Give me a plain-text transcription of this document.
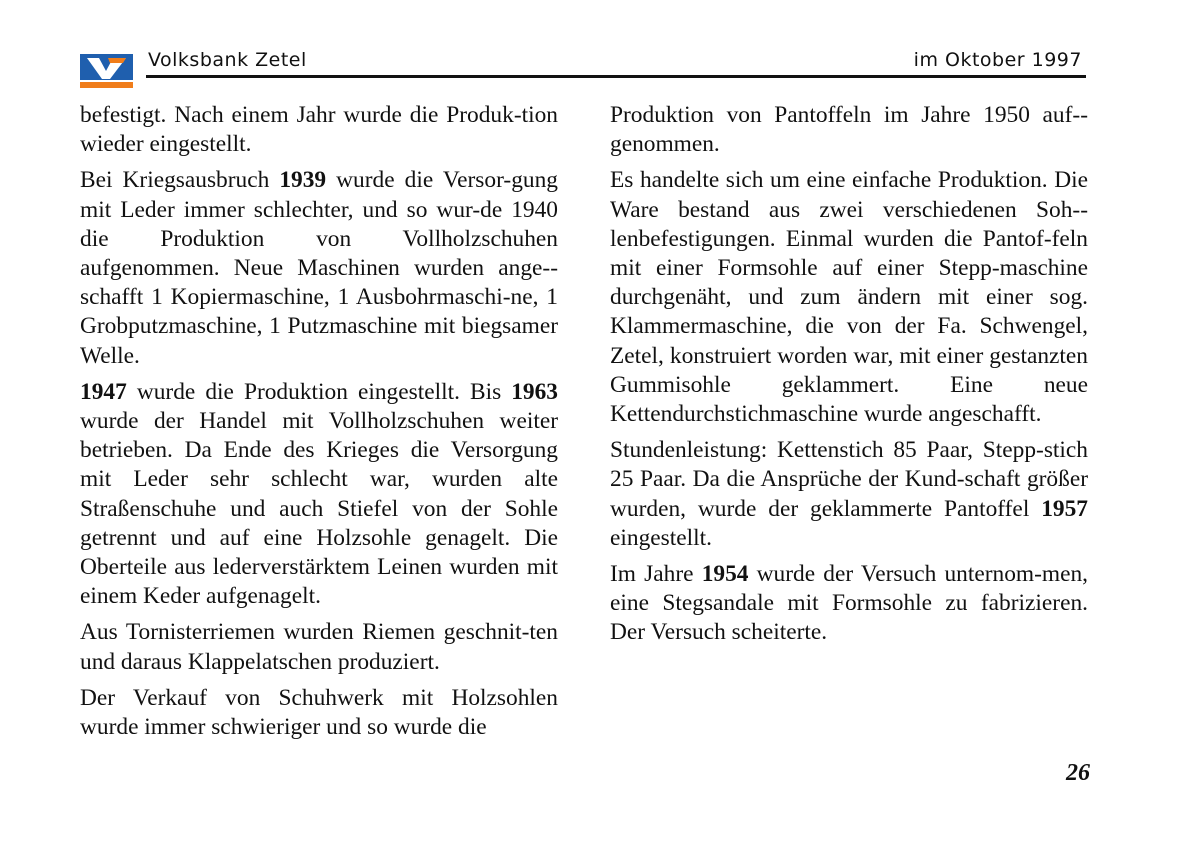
Volksbank Zetel	im Oktober 1997

befestigt. Nach einem Jahr wurde die Produk-tion wieder eingestellt.

Bei Kriegsausbruch 1939 wurde die Versor-gung mit Leder immer schlechter, und so wur-de 1940 die Produktion von Vollholzschuhen aufgenommen. Neue Maschinen wurden ange-schafft 1 Kopiermaschine, 1 Ausbohrmaschi-ne, 1 Grobputzmaschine, 1 Putzmaschine mit biegsamer Welle.

1947 wurde die Produktion eingestellt. Bis 1963 wurde der Handel mit Vollholzschuhen weiter betrieben. Da Ende des Krieges die Versorgung mit Leder sehr schlecht war, wurden alte Straßenschuhe und auch Stiefel von der Sohle getrennt und auf eine Holzsohle genagelt. Die Oberteile aus lederverstärktem Leinen wurden mit einem Keder aufgenagelt.

Aus Tornisterriemen wurden Riemen geschnit-ten und daraus Klappelatschen produziert.

Der Verkauf von Schuhwerk mit Holzsohlen wurde immer schwieriger und so wurde die

Produktion von Pantoffeln im Jahre 1950 auf-genommen.

Es handelte sich um eine einfache Produktion. Die Ware bestand aus zwei verschiedenen Soh-lenbefestigungen. Einmal wurden die Pantof-feln mit einer Formsohle auf einer Stepp-maschine durchgenäht, und zum ändern mit einer sog. Klammermaschine, die von der Fa. Schwengel, Zetel, konstruiert worden war, mit einer gestanzten Gummisohle geklammert. Eine neue Kettendurchstichmaschine wurde angeschafft.

Stundenleistung: Kettenstich 85 Paar, Stepp-stich 25 Paar. Da die Ansprüche der Kund-schaft größer wurden, wurde der geklammerte Pantoffel 1957 eingestellt.

Im Jahre 1954 wurde der Versuch unternom-men, eine Stegsandale mit Formsohle zu fabrizieren. Der Versuch scheiterte.

26
